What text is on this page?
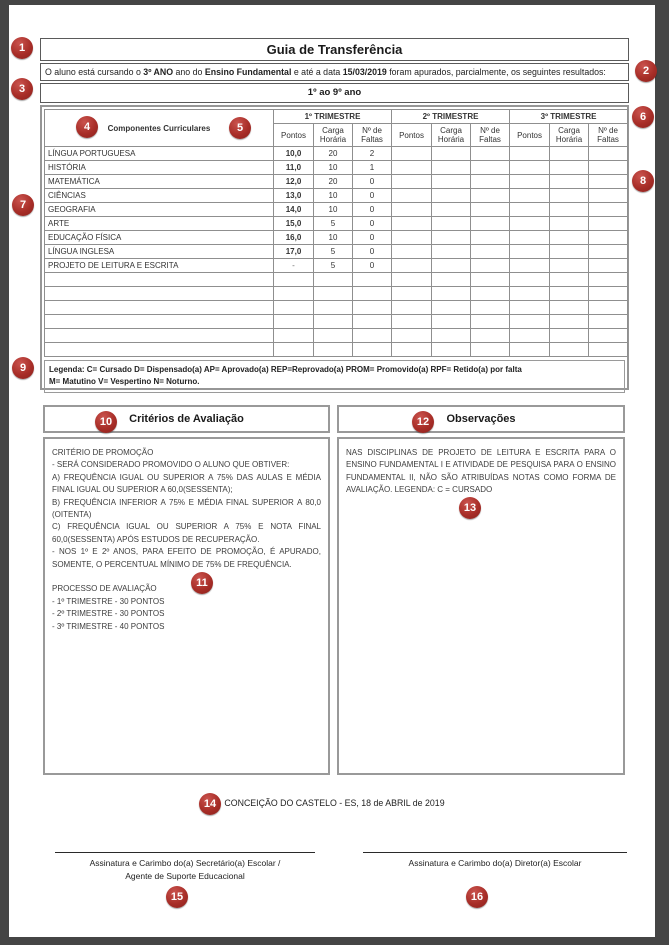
Guia de Transferência
O aluno está cursando o 3º ANO ano do Ensino Fundamental e até a data 15/03/2019 foram apurados, parcialmente, os seguintes resultados:
1º ao 9º ano
Componentes Curriculares	1º TRIMESTRE			2º TRIMESTRE			3º TRIMESTRE		
	Pontos	Carga Horária	Nº de Faltas	Pontos	Carga Horária	Nº de Faltas	Pontos	Carga Horária	Nº de Faltas
LÍNGUA PORTUGUESA	10,0	20	2						
HISTÓRIA	11,0	10	1						
MATEMÁTICA	12,0	20	0						
CIÊNCIAS	13,0	10	0						
GEOGRAFIA	14,0	10	0						
ARTE	15,0	5	0						
EDUCAÇÃO FÍSICA	16,0	10	0						
LÍNGUA INGLESA	17,0	5	0						
PROJETO DE LEITURA E ESCRITA	-	5	0						

Legenda: C= Cursado D= Dispensado(a) AP= Aprovado(a) REP=Reprovado(a) PROM= Promovido(a) RPF= Retido(a) por falta
M= Matutino V= Vespertino N= Noturno.
Critérios de Avaliação
CRITÉRIO DE PROMOÇÃO
- SERÁ CONSIDERADO PROMOVIDO O ALUNO QUE OBTIVER:
A) FREQUÊNCIA IGUAL OU SUPERIOR A 75% DAS AULAS E MÉDIA FINAL IGUAL OU SUPERIOR A 60,0(SESSENTA);
B) FREQUÊNCIA INFERIOR A 75% E MÉDIA FINAL SUPERIOR A 80,0 (OITENTA)
C) FREQUÊNCIA IGUAL OU SUPERIOR A 75% E NOTA FINAL 60,0(SESSENTA) APÓS ESTUDOS DE RECUPERAÇÃO.
- NOS 1º E 2º ANOS, PARA EFEITO DE PROMOÇÃO, É APURADO, SOMENTE, O PERCENTUAL MÍNIMO DE 75% DE FREQUÊNCIA.
PROCESSO DE AVALIAÇÃO
- 1º TRIMESTRE - 30 PONTOS
- 2º TRIMESTRE - 30 PONTOS
- 3º TRIMESTRE - 40 PONTOS
Observações
NAS DISCIPLINAS DE PROJETO DE LEITURA E ESCRITA PARA O ENSINO FUNDAMENTAL I E ATIVIDADE DE PESQUISA PARA O ENSINO FUNDAMENTAL II, NÃO SÃO ATRIBUÍDAS NOTAS COMO FORMA DE AVALIAÇÃO. LEGENDA: C = CURSADO
CONCEIÇÃO DO CASTELO - ES, 18 de ABRIL de 2019
Assinatura e Carimbo do(a) Secretário(a) Escolar /
Agente de Suporte Educacional
Assinatura e Carimbo do(a) Diretor(a) Escolar
1
2
3
4	5
6
7
8
9
10
11
12
13
14
15	16
